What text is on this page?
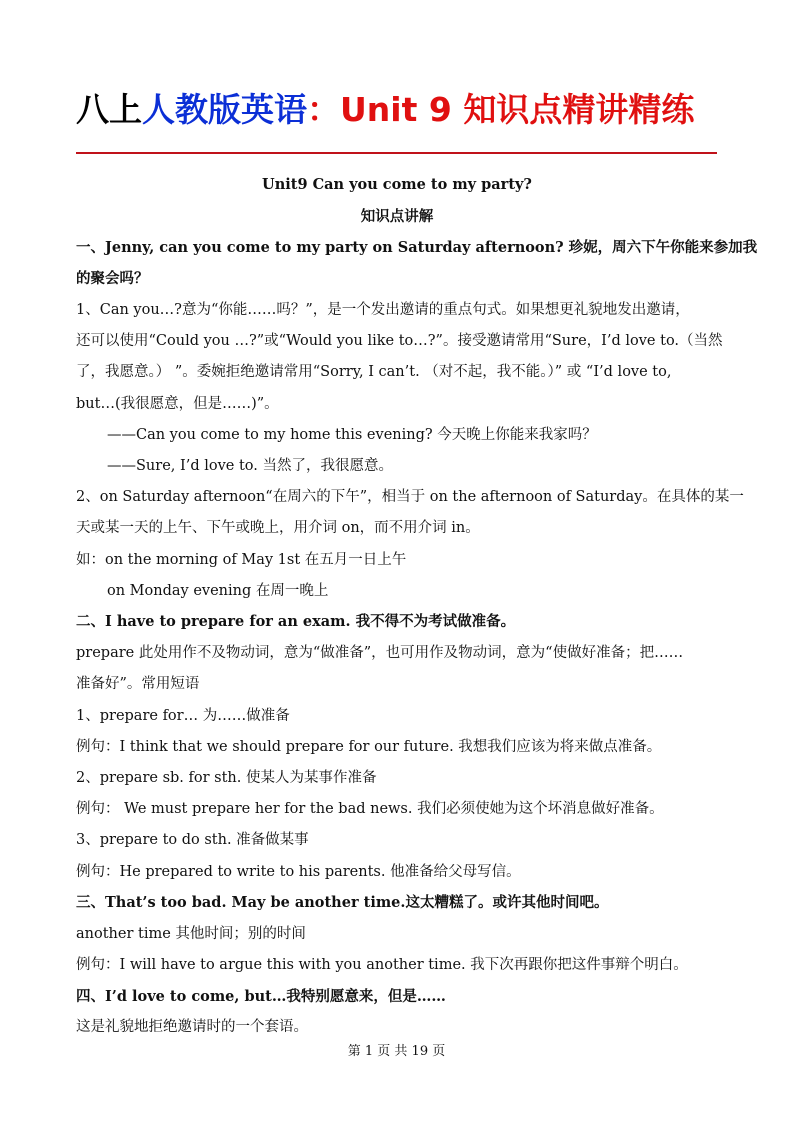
八上人教版英语：Unit 9 知识点精讲精练
Unit9 Can you come to my party?
知识点讲解
一、Jenny, can you come to my party on Saturday afternoon? 珍妮，周六下午你能来参加我
的聚会吗？
1、Can you…?意为“你能……吗？”，是一个发出邀请的重点句式。如果想更礼貌地发出邀请，
还可以使用“Could you …?”或“Would you like to…?”。接受邀请常用“Sure，I’d love to.（当然
了，我愿意。） ”。委婉拒绝邀请常用“Sorry, I can’t. （对不起，我不能。）” 或 “I’d love to,
but…(我很愿意，但是……)”。
——Can you come to my home this evening? 今天晚上你能来我家吗？
——Sure, I’d love to. 当然了，我很愿意。
2、on Saturday afternoon“在周六的下午”，相当于 on the afternoon of Saturday。在具体的某一
天或某一天的上午、下午或晚上，用介词 on，而不用介词 in。
如：on the morning of May 1st 在五月一日上午
on Monday evening 在周一晚上
二、I have to prepare for an exam. 我不得不为考试做准备。
prepare 此处用作不及物动词，意为“做准备”，也可用作及物动词，意为“使做好准备；把……
准备好”。常用短语
1、prepare for… 为……做准备
例句：I think that we should prepare for our future. 我想我们应该为将来做点准备。
2、prepare sb. for sth. 使某人为某事作准备
例句： We must prepare her for the bad news. 我们必须使她为这个坏消息做好准备。
3、prepare to do sth. 准备做某事
例句：He prepared to write to his parents. 他准备给父母写信。
三、That’s too bad. May be another time.这太糟糕了。或许其他时间吧。
another time 其他时间；别的时间
例句：I will have to argue this with you another time. 我下次再跟你把这件事辩个明白。
四、I’d love to come, but…我特别愿意来，但是……
这是礼貌地拒绝邀请时的一个套语。
第 1 页 共 19 页
